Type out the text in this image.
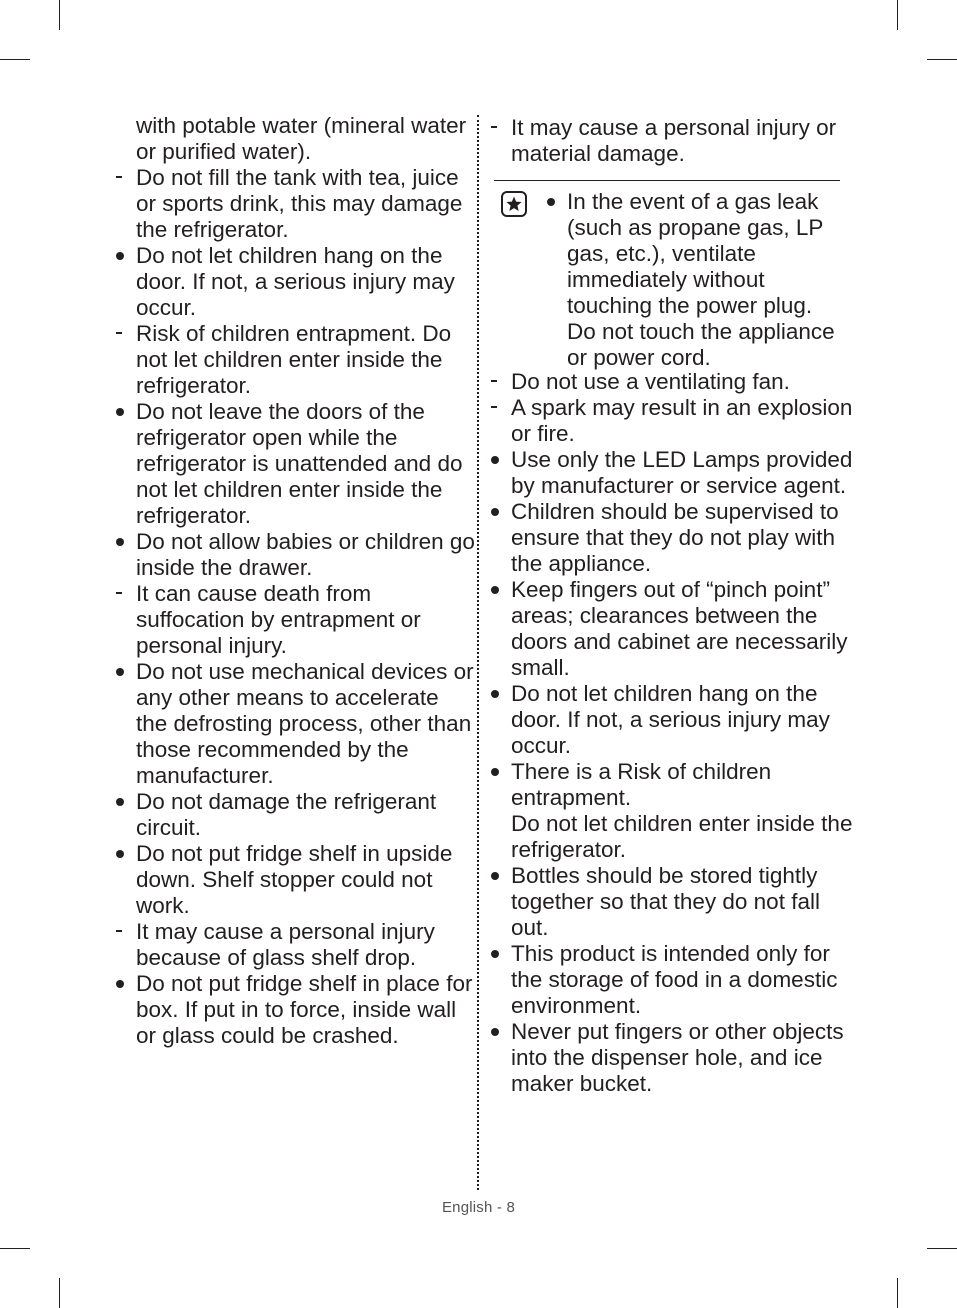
with potable water (mineral water or purified water).
Do not fill the tank with tea, juice or sports drink, this may damage the refrigerator.
Do not let children hang on the door. If not, a serious injury may occur.
Risk of children entrapment. Do not let children enter inside the refrigerator.
Do not leave the doors of the refrigerator open while the refrigerator is unattended and do not let children enter inside the refrigerator.
Do not allow babies or children go inside the drawer.
It can cause death from suffocation by entrapment or personal injury.
Do not use mechanical devices or any other means to accelerate the defrosting process, other than those recommended by the manufacturer.
Do not damage the refrigerant circuit.
Do not put fridge shelf in upside down. Shelf stopper could not work.
It may cause a personal injury because of glass shelf drop.
Do not put fridge shelf in place for box. If put in to force, inside wall or glass could be crashed.
It may cause a personal injury or material damage.
In the event of a gas leak (such as propane gas, LP gas, etc.), ventilate immediately without touching the power plug.
Do not touch the appliance or power cord.
Do not use a ventilating fan.
A spark may result in an explosion or fire.
Use only the LED Lamps provided by manufacturer or service agent.
Children should be supervised to ensure that they do not play with the appliance.
Keep fingers out of “pinch point” areas; clearances between the doors and cabinet are necessarily small.
Do not let children hang on the door. If not, a serious injury may occur.
There is a Risk of children entrapment.
Do not let children enter inside the refrigerator.
Bottles should be stored tightly together so that they do not fall out.
This product is intended only for the storage of food in a domestic environment.
Never put fingers or other objects into the dispenser hole, and ice maker bucket.
English - 8
